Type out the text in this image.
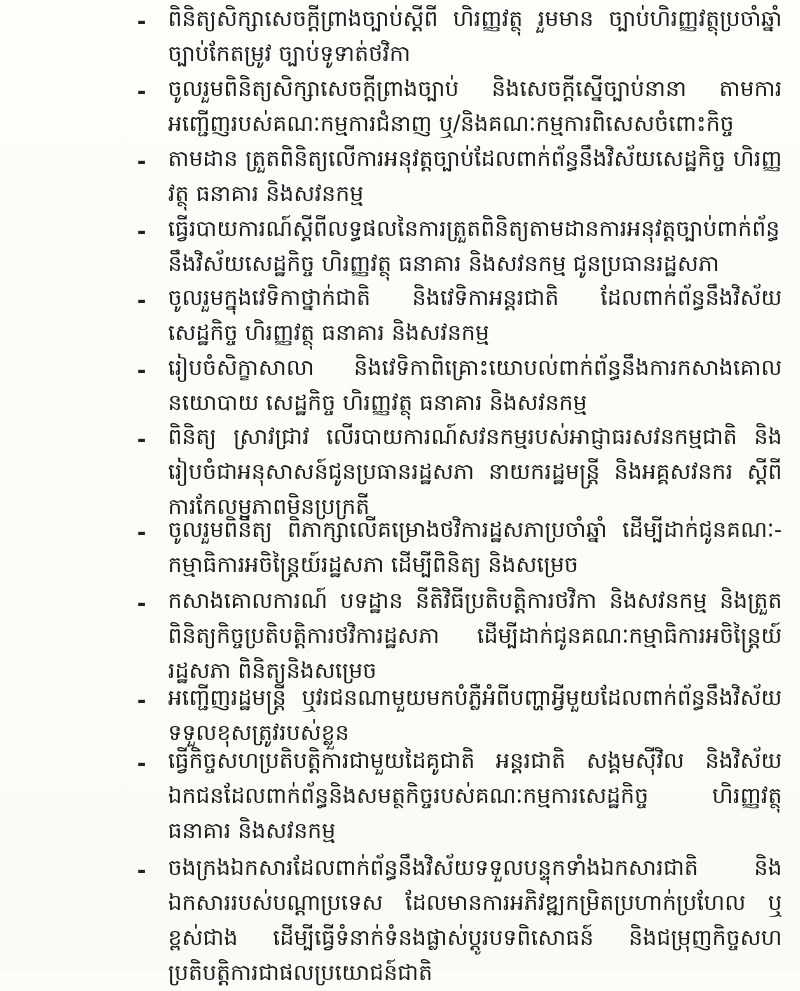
- ពិនិត្យសិក្សាសេចក្ដីព្រាងច្បាប់ស្ដីពី ហិរញ្ញវត្ថុ រួមមាន ច្បាប់ហិរញ្ញវត្ថុប្រចាំឆ្នាំ ច្បាប់កែតម្រូវ ច្បាប់ទូទាត់ថវិកា
- ចូលរួមពិនិត្យសិក្សាសេចក្ដីព្រាងច្បាប់ និងសេចក្ដីស្នើច្បាប់នានា តាមការអញ្ជើញរបស់គណៈកម្មការជំនាញ ឬ/និងគណៈកម្មការពិសេសចំពោះកិច្ច
- តាមដាន ត្រួតពិនិត្យលើការអនុវត្តច្បាប់ដែលពាក់ព័ន្ធនឹងវិស័យសេដ្ឋកិច្ច ហិរញ្ញវត្ថុ ធនាគារ និងសវនកម្ម
- ធ្វើរបាយការណ៍ស្ដីពីលទ្ធផលនៃការត្រួតពិនិត្យតាមដានការអនុវត្តច្បាប់ពាក់ព័ន្ធនឹងវិស័យសេដ្ឋកិច្ច ហិរញ្ញវត្ថុ ធនាគារ និងសវនកម្ម ជូនប្រធានរដ្ឋសភា
- ចូលរួមក្នុងវេទិកាថ្នាក់ជាតិ និងវេទិកាអន្តរជាតិ ដែលពាក់ព័ន្ធនឹងវិស័យសេដ្ឋកិច្ច ហិរញ្ញវត្ថុ ធនាគារ និងសវនកម្ម
- រៀបចំសិក្ខាសាលា និងវេទិកាពិគ្រោះយោបល់ពាក់ព័ន្ធនឹងការកសាងគោលនយោបាយ សេដ្ឋកិច្ច ហិរញ្ញវត្ថុ ធនាគារ និងសវនកម្ម
- ពិនិត្យ ស្រាវជ្រាវ លើរបាយការណ៍សវនកម្មរបស់អាជ្ញាធរសវនកម្មជាតិ និងរៀបចំជាអនុសាសន៍ជូនប្រធានរដ្ឋសភា នាយករដ្ឋមន្ត្រី និងអគ្គសវនករ ស្ដីពីការកែលម្អភាពមិនប្រក្រតី
- ចូលរួមពិនិត្យ ពិភាក្សាលើគម្រោងថវិការដ្ឋសភាប្រចាំឆ្នាំ ដើម្បីដាក់ជូនគណៈ-កម្មាធិការអចិន្ត្រៃយ៍រដ្ឋសភា ដើម្បីពិនិត្យ និងសម្រេច
- កសាងគោលការណ៍ បទដ្ឋាន នីតិវិធីប្រតិបត្តិការថវិកា និងសវនកម្ម និងត្រួតពិនិត្យកិច្ចប្រតិបត្តិការថវិការដ្ឋសភា ដើម្បីដាក់ជូនគណៈកម្មាធិការអចិន្ត្រៃយ៍រដ្ឋសភា ពិនិត្យនិងសម្រេច
- អញ្ជើញរដ្ឋមន្ត្រី ឬវរជនណាមួយមកបំភ្លឺអំពីបញ្ហាអ្វីមួយដែលពាក់ព័ន្ធនឹងវិស័យទទួលខុសត្រូវរបស់ខ្លួន
- ធ្វើកិច្ចសហប្រតិបត្តិការជាមួយដៃគូជាតិ អន្តរជាតិ សង្គមស៊ីវិល និងវិស័យឯកជនដែលពាក់ព័ន្ធនិងសមត្ថកិច្ចរបស់គណៈកម្មការសេដ្ឋកិច្ច ហិរញ្ញវត្ថុ ធនាគារ និងសវនកម្ម
- ចងក្រងឯកសារដែលពាក់ព័ន្ធនឹងវិស័យទទួលបន្ទុកទាំងឯកសារជាតិ និងឯកសាររបស់បណ្ដាប្រទេស ដែលមានការអភិវឌ្ឍកម្រិតប្រហាក់ប្រហែល ឬខ្ពស់ជាង ដើម្បីធ្វើទំនាក់ទំនងផ្លាស់ប្ដូរបទពិសោធន៍ និងជម្រុញកិច្ចសហប្រតិបត្តិការជាផលប្រយោជន៍ជាតិ
